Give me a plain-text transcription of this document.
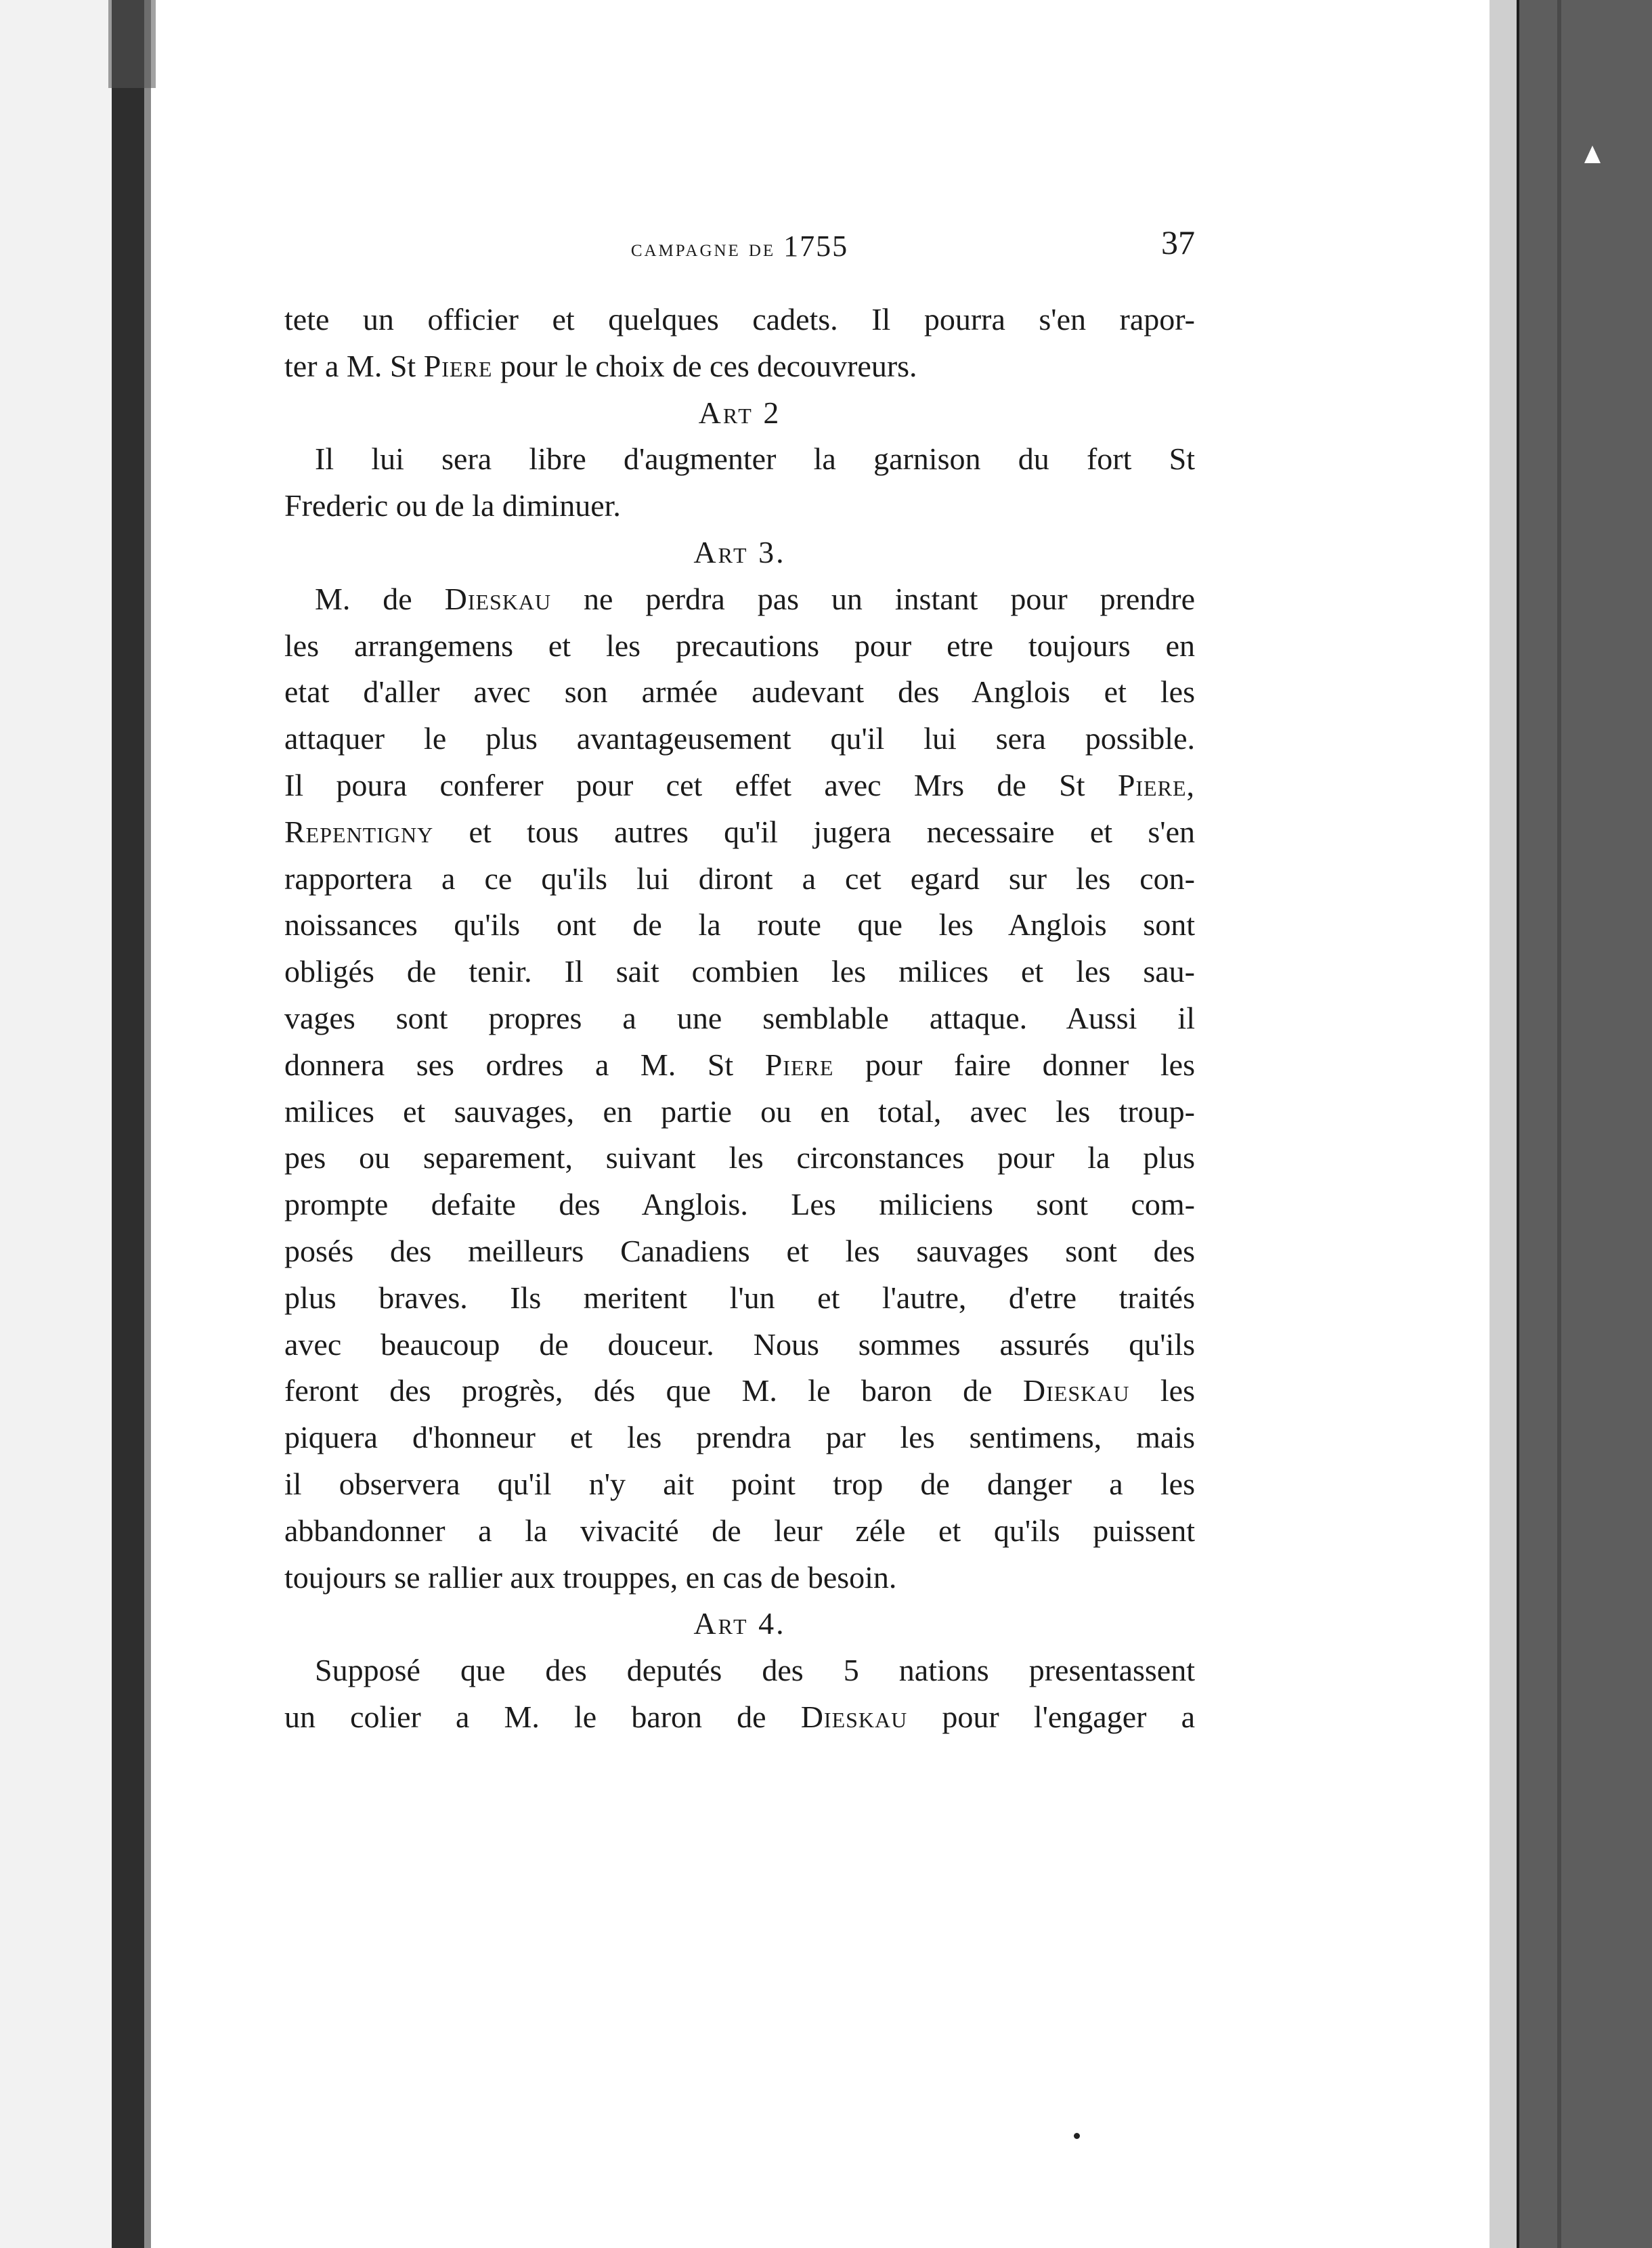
campagne de 1755	37
tete un officier et quelques cadets. Il pourra s'en rapor-
ter a M. St Piere pour le choix de ces decouvreurs.
Art 2
Il lui sera libre d'augmenter la garnison du fort St
Frederic ou de la diminuer.
Art 3.
M. de Dieskau ne perdra pas un instant pour prendre
les arrangemens et les precautions pour etre toujours en
etat d'aller avec son armée audevant des Anglois et les
attaquer le plus avantageusement qu'il lui sera possible.
Il poura conferer pour cet effet avec Mrs de St Piere,
Repentigny et tous autres qu'il jugera necessaire et s'en
rapportera a ce qu'ils lui diront a cet egard sur les con-
noissances qu'ils ont de la route que les Anglois sont
obligés de tenir. Il sait combien les milices et les sau-
vages sont propres a une semblable attaque. Aussi il
donnera ses ordres a M. St Piere pour faire donner les
milices et sauvages, en partie ou en total, avec les troup-
pes ou separement, suivant les circonstances pour la plus
prompte defaite des Anglois. Les miliciens sont com-
posés des meilleurs Canadiens et les sauvages sont des
plus braves. Ils meritent l'un et l'autre, d'etre traités
avec beaucoup de douceur. Nous sommes assurés qu'ils
feront des progrès, dés que M. le baron de Dieskau les
piquera d'honneur et les prendra par les sentimens, mais
il observera qu'il n'y ait point trop de danger a les
abbandonner a la vivacité de leur zéle et qu'ils puissent
toujours se rallier aux trouppes, en cas de besoin.
Art 4.
Supposé que des deputés des 5 nations presentassent
un colier a M. le baron de Dieskau pour l'engager a
